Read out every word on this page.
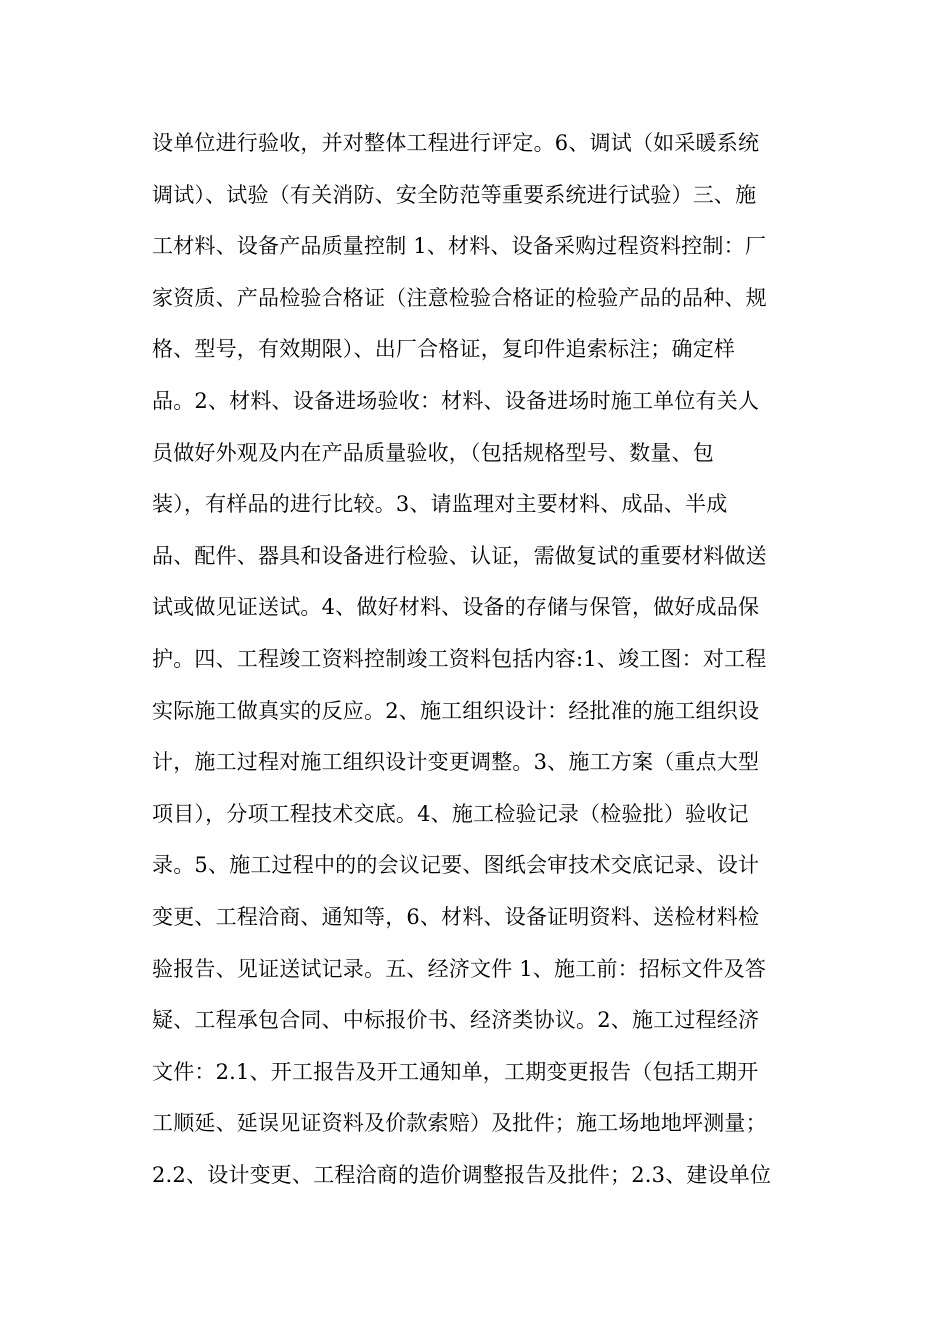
设单位进行验收，并对整体工程进行评定。6、调试（如采暖系统
调试）、试验（有关消防、安全防范等重要系统进行试验）三、施
工材料、设备产品质量控制 1、材料、设备采购过程资料控制：厂
家资质、产品检验合格证（注意检验合格证的检验产品的品种、规
格、型号，有效期限）、出厂合格证，复印件追索标注；确定样
品。2、材料、设备进场验收：材料、设备进场时施工单位有关人
员做好外观及内在产品质量验收，（包括规格型号、数量、包
装），有样品的进行比较。3、请监理对主要材料、成品、半成
品、配件、器具和设备进行检验、认证，需做复试的重要材料做送
试或做见证送试。4、做好材料、设备的存储与保管，做好成品保
护。四、工程竣工资料控制竣工资料包括内容:1、竣工图：对工程
实际施工做真实的反应。2、施工组织设计：经批准的施工组织设
计，施工过程对施工组织设计变更调整。3、施工方案（重点大型
项目），分项工程技术交底。4、施工检验记录（检验批）验收记
录。5、施工过程中的的会议记要、图纸会审技术交底记录、设计
变更、工程洽商、通知等，6、材料、设备证明资料、送检材料检
验报告、见证送试记录。五、经济文件 1、施工前：招标文件及答
疑、工程承包合同、中标报价书、经济类协议。2、施工过程经济
文件：2.1、开工报告及开工通知单，工期变更报告（包括工期开
工顺延、延误见证资料及价款索赔）及批件；施工场地地坪测量；
2.2、设计变更、工程洽商的造价调整报告及批件；2.3、建设单位
